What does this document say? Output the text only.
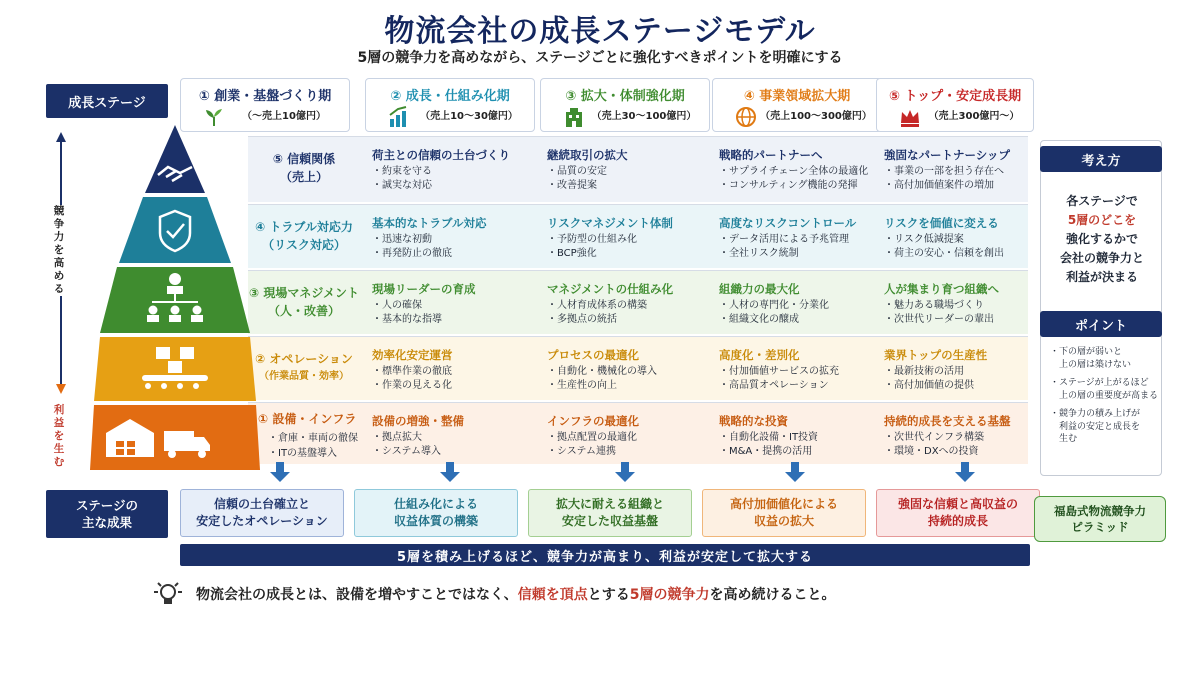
物流会社の成長ステージモデル
5層の競争力を高めながら、ステージごとに強化すべきポイントを明確にする
成長ステージ	① 創業・基盤づくり期
（〜売上10億円）
② 成長・仕組み化期
（売上10〜30億円）
③ 拡大・体制強化期
（売上30〜100億円）
④ 事業領域拡大期
（売上100〜300億円）
⑤ トップ・安定成長期
（売上300億円〜）
競争力を高める
利益を生む
⑤ 信頼関係
（売上）
荷主との信頼の土台づくり
・約束を守る
・誠実な対応
継続取引の拡大
・品質の安定
・改善提案
戦略的パートナーへ
・サプライチェーン全体の最適化
・コンサルティング機能の発揮
強固なパートナーシップ
・事業の一部を担う存在へ
・高付加価値案件の増加
④ トラブル対応力
（リスク対応）
基本的なトラブル対応
・迅速な初動
・再発防止の徹底
リスクマネジメント体制
・予防型の仕組み化
・BCP強化
高度なリスクコントロール
・データ活用による予兆管理
・全社リスク統制
リスクを価値に変える
・リスク低減提案
・荷主の安心・信頼を創出
③ 現場マネジメント
（人・改善）
現場リーダーの育成
・人の確保
・基本的な指導
マネジメントの仕組み化
・人材育成体系の構築
・多拠点の統括
組織力の最大化
・人材の専門化・分業化
・組織文化の醸成
人が集まり育つ組織へ
・魅力ある職場づくり
・次世代リーダーの輩出
② オペレーション
（作業品質・効率）
効率化安定運営
・標準作業の徹底
・作業の見える化
プロセスの最適化
・自動化・機械化の導入
・生産性の向上
高度化・差別化
・付加価値サービスの拡充
・高品質オペレーション
業界トップの生産性
・最新技術の活用
・高付加価値の提供
① 設備・インフラ	設備の増強・整備
・拠点拡大
・システム導入
インフラの最適化
・拠点配置の最適化
・システム連携
戦略的な投資
・自動化設備・IT投資
・M&A・提携の活用
持続的成長を支える基盤
・次世代インフラ構築
・環境・DXへの投資
・倉庫・車両の徹保
・ITの基盤導入
考え方
各ステージで
5層のどこを
強化するかで
会社の競争力と
利益が決まる
ポイント
・下の層が弱いと
　上の層は築けない
・ステージが上がるほど
　上の層の重要度が高まる
・競争力の積み上げが
　利益の安定と成長を
　生む
ステージの
主な成果
信頼の土台確立と
安定したオペレーション
仕組み化による
収益体質の構築
拡大に耐える組織と
安定した収益基盤
高付加価値化による
収益の拡大
強固な信頼と高収益の
持続的成長
5層を積み上げるほど、競争力が高まり、利益が安定して拡大する
福島式物流競争力
ピラミッド
物流会社の成長とは、設備を増やすことではなく、 信頼を頂点 とする 5層の競争力 を高め続けること。
